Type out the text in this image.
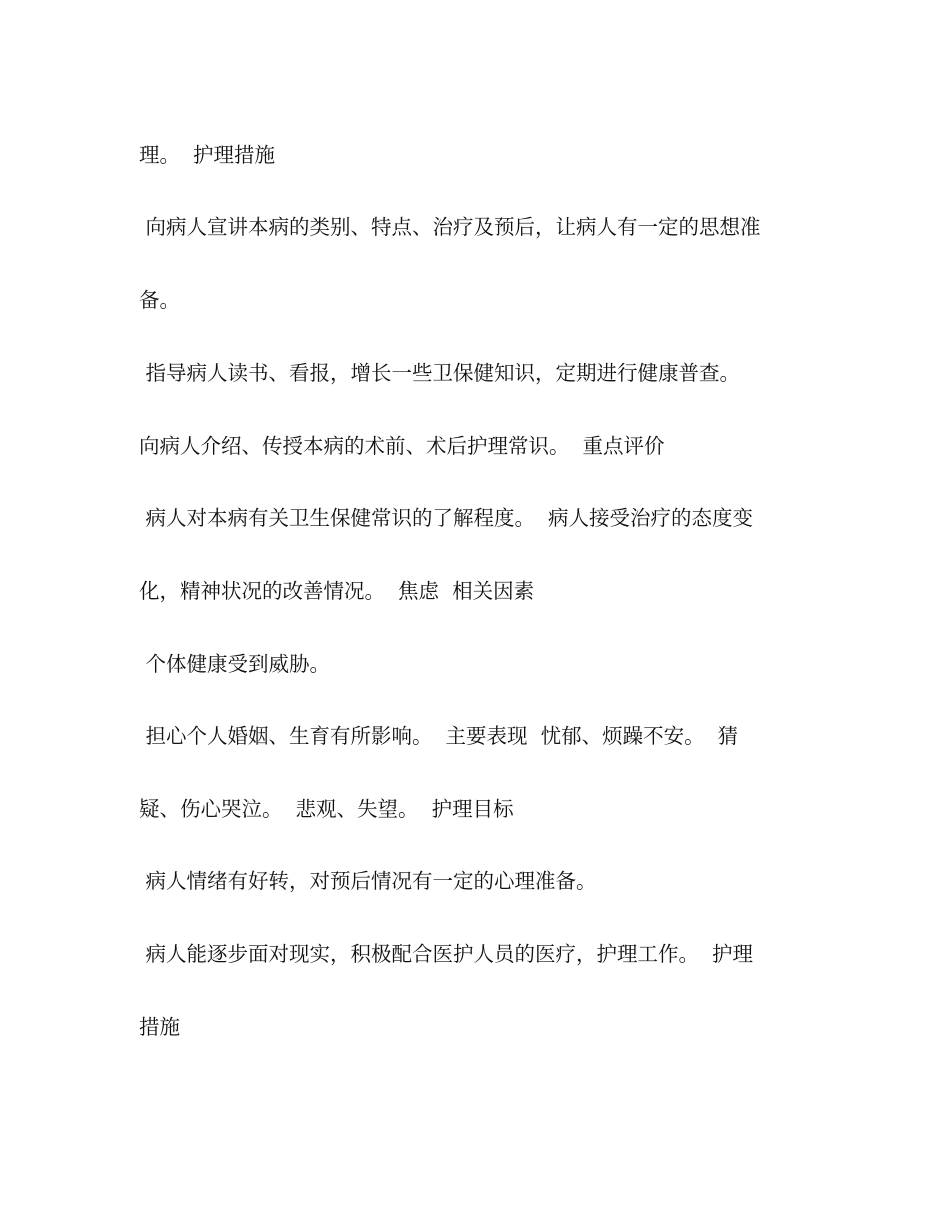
理。  护理措施
向病人宣讲本病的类别、特点、治疗及预后，让病人有一定的思想准
备。
指导病人读书、看报，增长一些卫保健知识，定期进行健康普查。
向病人介绍、传授本病的术前、术后护理常识。  重点评价
病人对本病有关卫生保健常识的了解程度。  病人接受治疗的态度变
化，精神状况的改善情况。  焦虑  相关因素
个体健康受到威胁。
担心个人婚姻、生育有所影响。  主要表现  忧郁、烦躁不安。  猜
疑、伤心哭泣。  悲观、失望。  护理目标
病人情绪有好转，对预后情况有一定的心理准备。
病人能逐步面对现实，积极配合医护人员的医疗，护理工作。  护理
措施
